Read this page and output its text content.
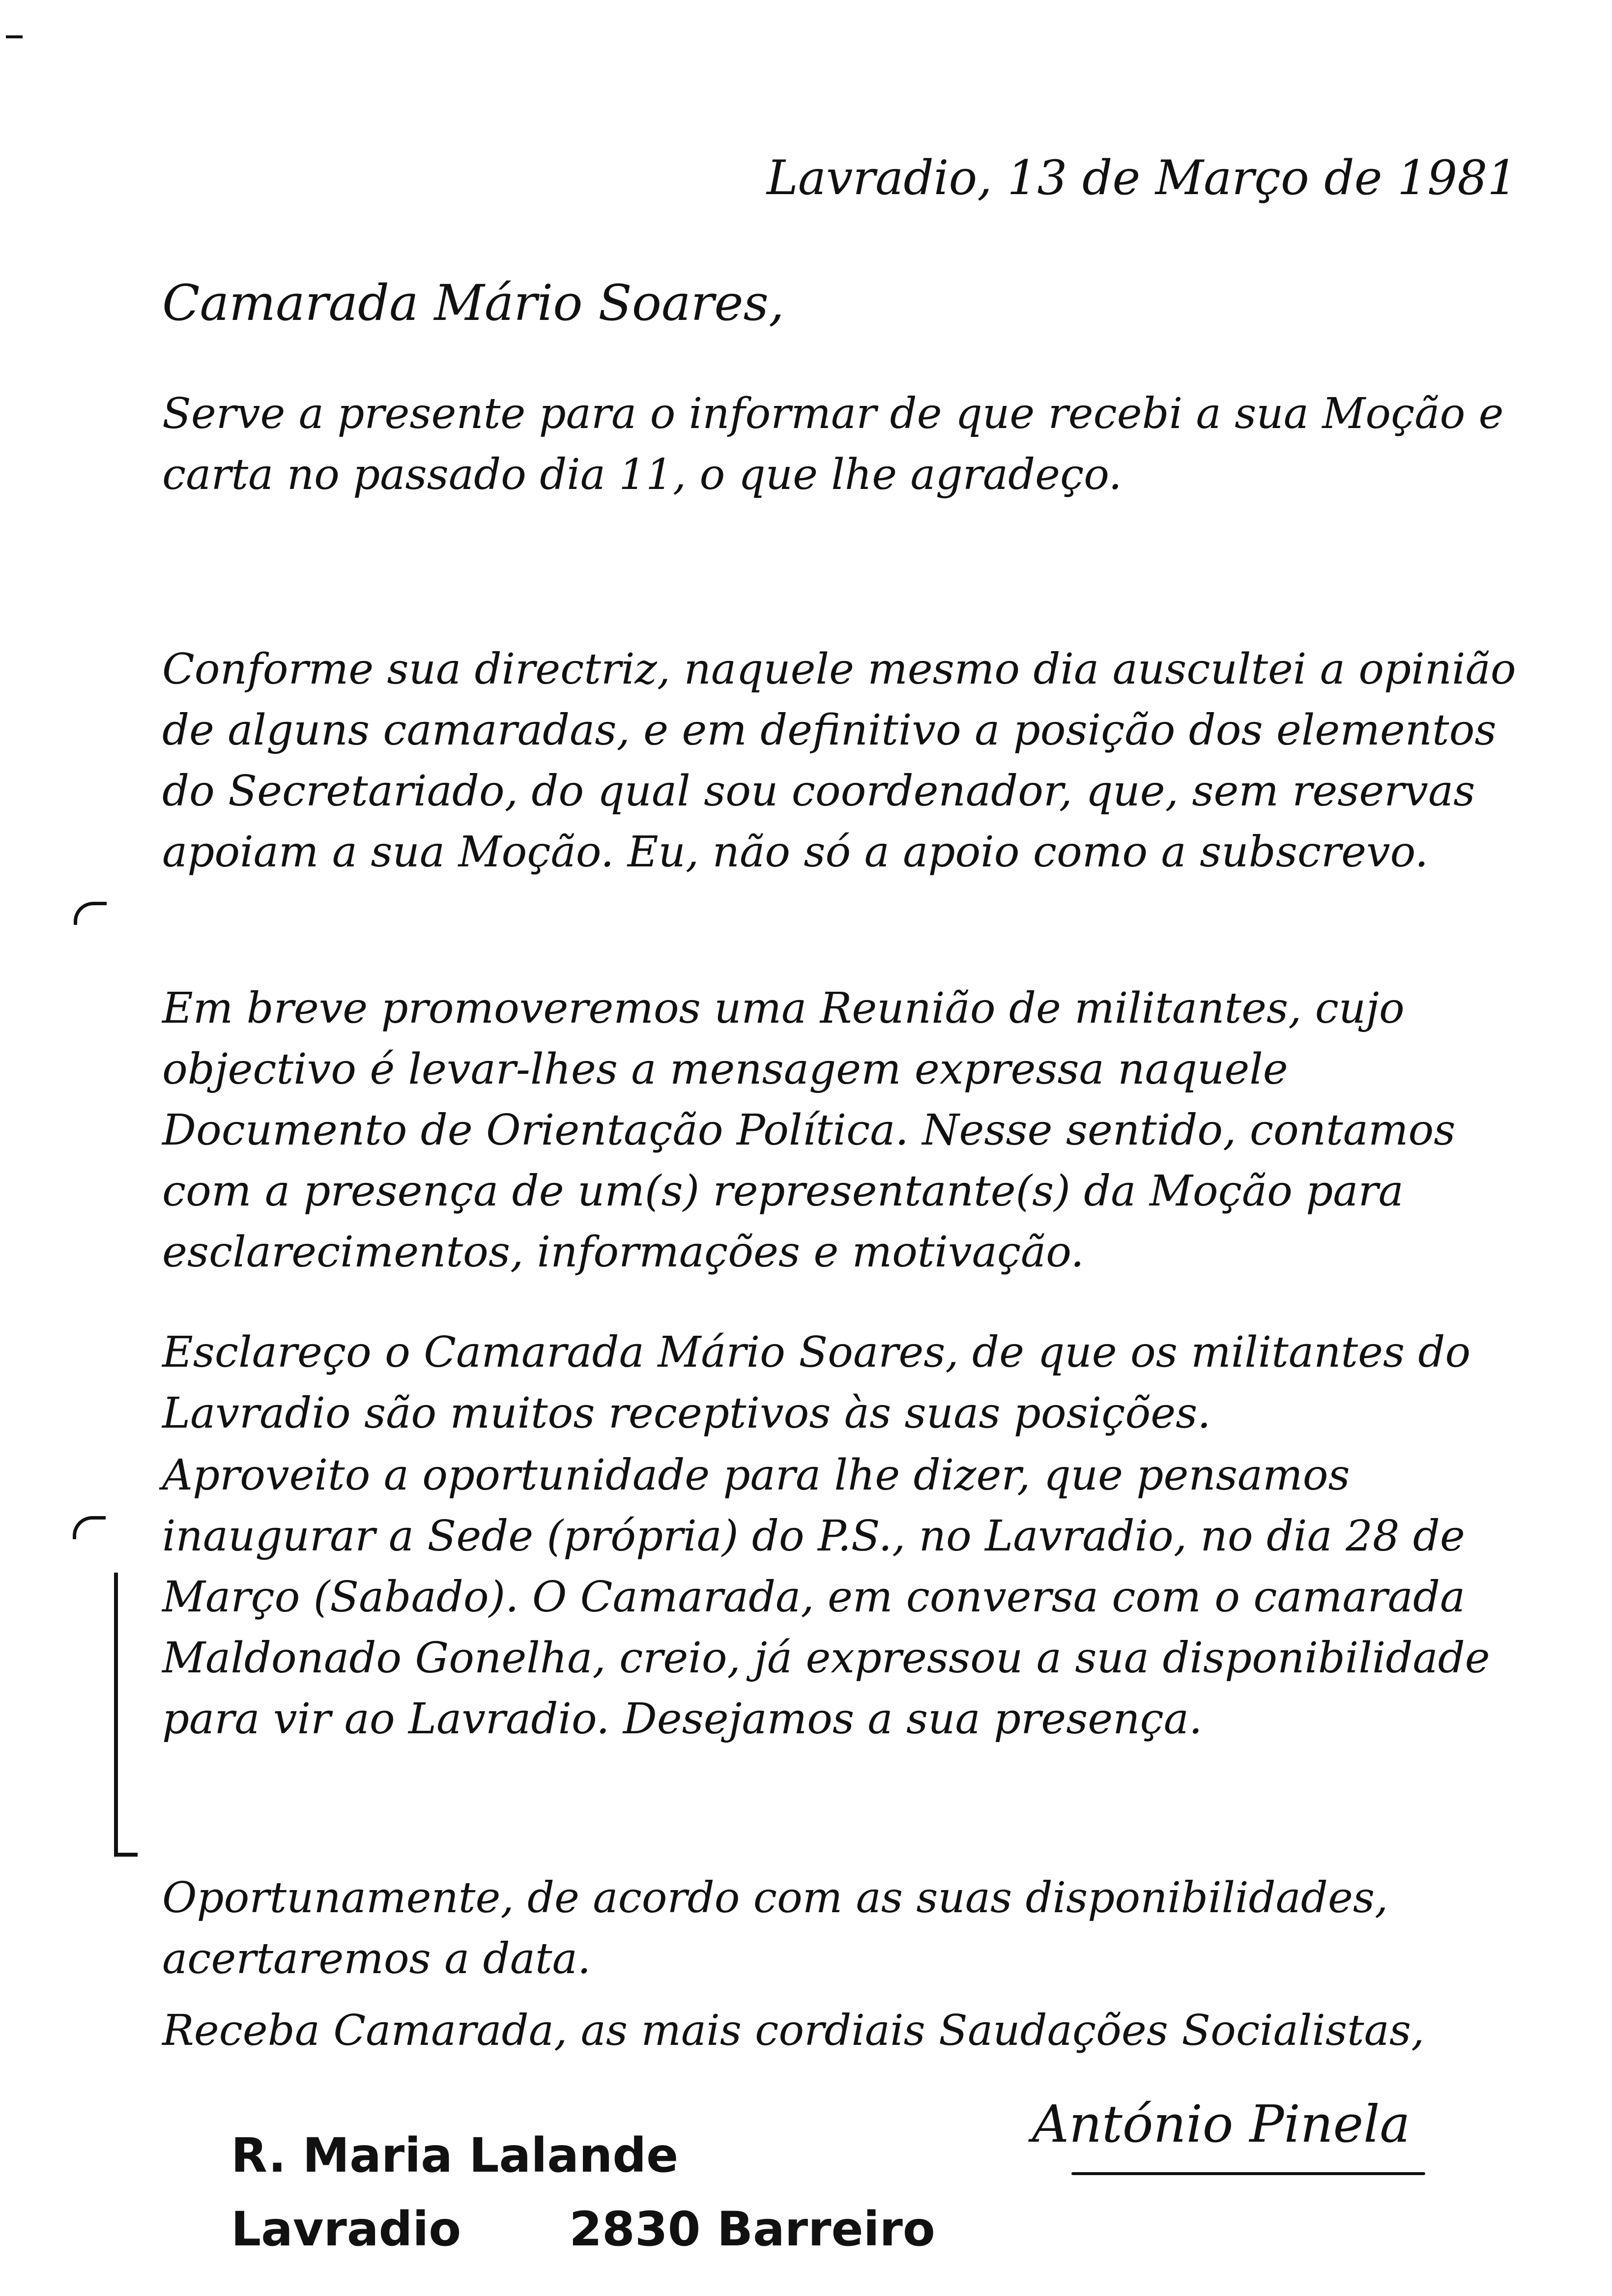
Lavradio, 13 de Março de 1981
Camarada Mário Soares,
Serve a presente para o informar de que recebi a sua Moção e carta no passado dia 11, o que lhe agradeço.
Conforme sua directriz, naquele mesmo dia auscultei a opinião de alguns camaradas, e em definitivo a posição dos elementos do Secretariado, do qual sou coordenador, que, sem reservas apoiam a sua Moção. Eu, não só a apoio como a subscrevo.
Em breve promoveremos uma Reunião de militantes, cujo objectivo é levar-lhes a mensagem expressa naquele Documento de Orientação Política. Nesse sentido, contamos com a presença de um(s) representante(s) da Moção para esclarecimentos, informações e motivação.
Esclareço o Camarada Mário Soares, de que os militantes do Lavradio são muitos receptivos às suas posições.
Aproveito a oportunidade para lhe dizer, que pensamos inaugurar a Sede (própria) do P.S., no Lavradio, no dia 28 de Março (Sabado). O Camarada, em conversa com o camarada Maldonado Gonelha, creio, já expressou a sua disponibilidade para vir ao Lavradio. Desejamos a sua presença.
Oportunamente, de acordo com as suas disponibilidades, acertaremos a data.
Receba Camarada, as mais cordiais Saudações Socialistas,
António Pinela
R. Maria Lalande
Lavradio 2830 Barreiro
